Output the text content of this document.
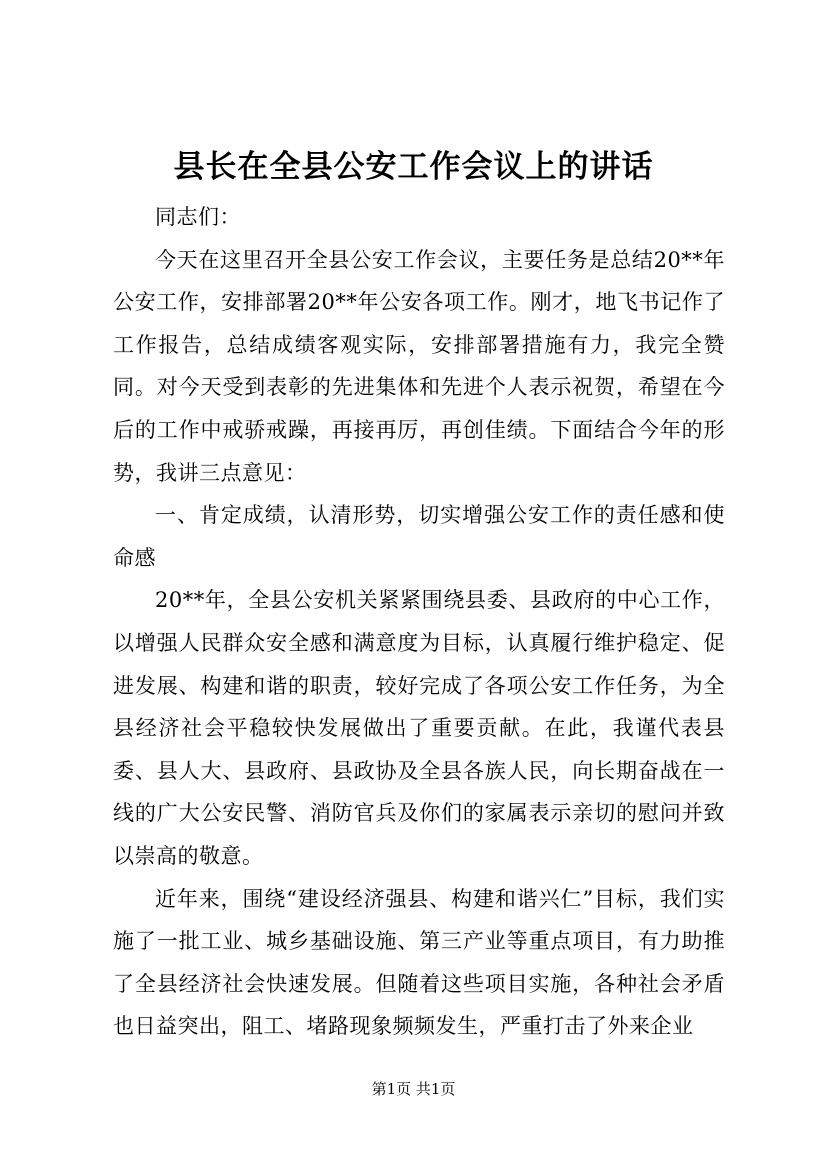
县长在全县公安工作会议上的讲话

同志们：

今天在这里召开全县公安工作会议，主要任务是总结20**年公安工作，安排部署20**年公安各项工作。刚才，地飞书记作了工作报告，总结成绩客观实际，安排部署措施有力，我完全赞同。对今天受到表彰的先进集体和先进个人表示祝贺，希望在今后的工作中戒骄戒躁，再接再厉，再创佳绩。下面结合今年的形势，我讲三点意见：

一、肯定成绩，认清形势，切实增强公安工作的责任感和使命感

20**年，全县公安机关紧紧围绕县委、县政府的中心工作，以增强人民群众安全感和满意度为目标，认真履行维护稳定、促进发展、构建和谐的职责，较好完成了各项公安工作任务，为全县经济社会平稳较快发展做出了重要贡献。在此，我谨代表县委、县人大、县政府、县政协及全县各族人民，向长期奋战在一线的广大公安民警、消防官兵及你们的家属表示亲切的慰问并致以崇高的敬意。

近年来，围绕“建设经济强县、构建和谐兴仁”目标，我们实施了一批工业、城乡基础设施、第三产业等重点项目，有力助推了全县经济社会快速发展。但随着这些项目实施，各种社会矛盾也日益突出，阻工、堵路现象频频发生，严重打击了外来企业

第1页 共1页
